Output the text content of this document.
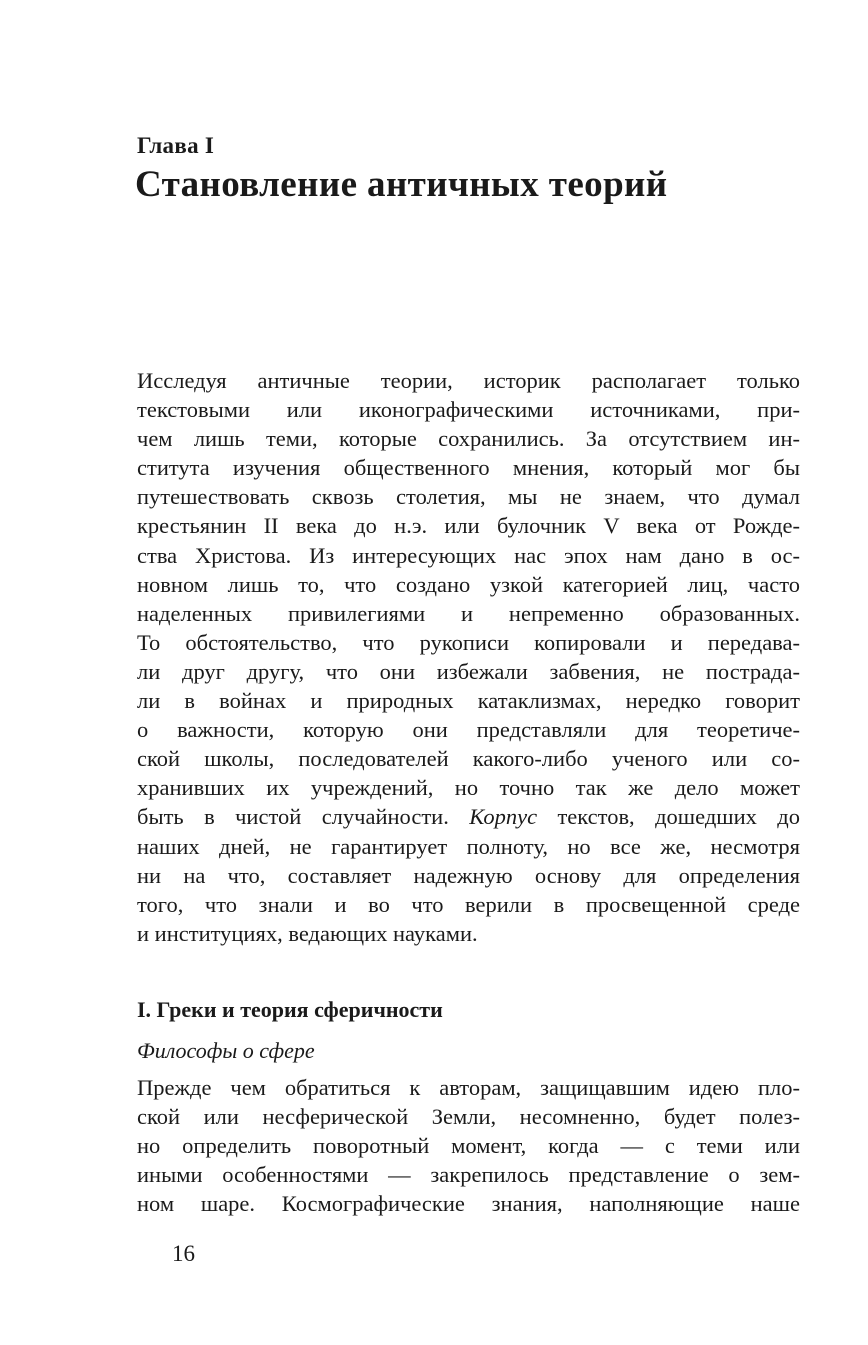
Глава I
Становление античных теорий
Исследуя античные теории, историк располагает только
текстовыми или иконографическими источниками, при-
чем лишь теми, которые сохранились. За отсутствием ин-
ститута изучения общественного мнения, который мог бы
путешествовать сквозь столетия, мы не знаем, что думал
крестьянин II века до н.э. или булочник V века от Рожде-
ства Христова. Из интересующих нас эпох нам дано в ос-
новном лишь то, что создано узкой категорией лиц, часто
наделенных привилегиями и непременно образованных.
То обстоятельство, что рукописи копировали и передава-
ли друг другу, что они избежали забвения, не пострада-
ли в войнах и природных катаклизмах, нередко говорит
о важности, которую они представляли для теоретиче-
ской школы, последователей какого-либо ученого или со-
хранивших их учреждений, но точно так же дело может
быть в чистой случайности. Корпус текстов, дошедших до
наших дней, не гарантирует полноту, но все же, несмотря
ни на что, составляет надежную основу для определения
того, что знали и во что верили в просвещенной среде
и институциях, ведающих науками.
I. Греки и теория сферичности
Философы о сфере
Прежде чем обратиться к авторам, защищавшим идею пло-
ской или несферической Земли, несомненно, будет полез-
но определить поворотный момент, когда — с теми или
иными особенностями — закрепилось представление о зем-
ном шаре. Космографические знания, наполняющие наше
16
